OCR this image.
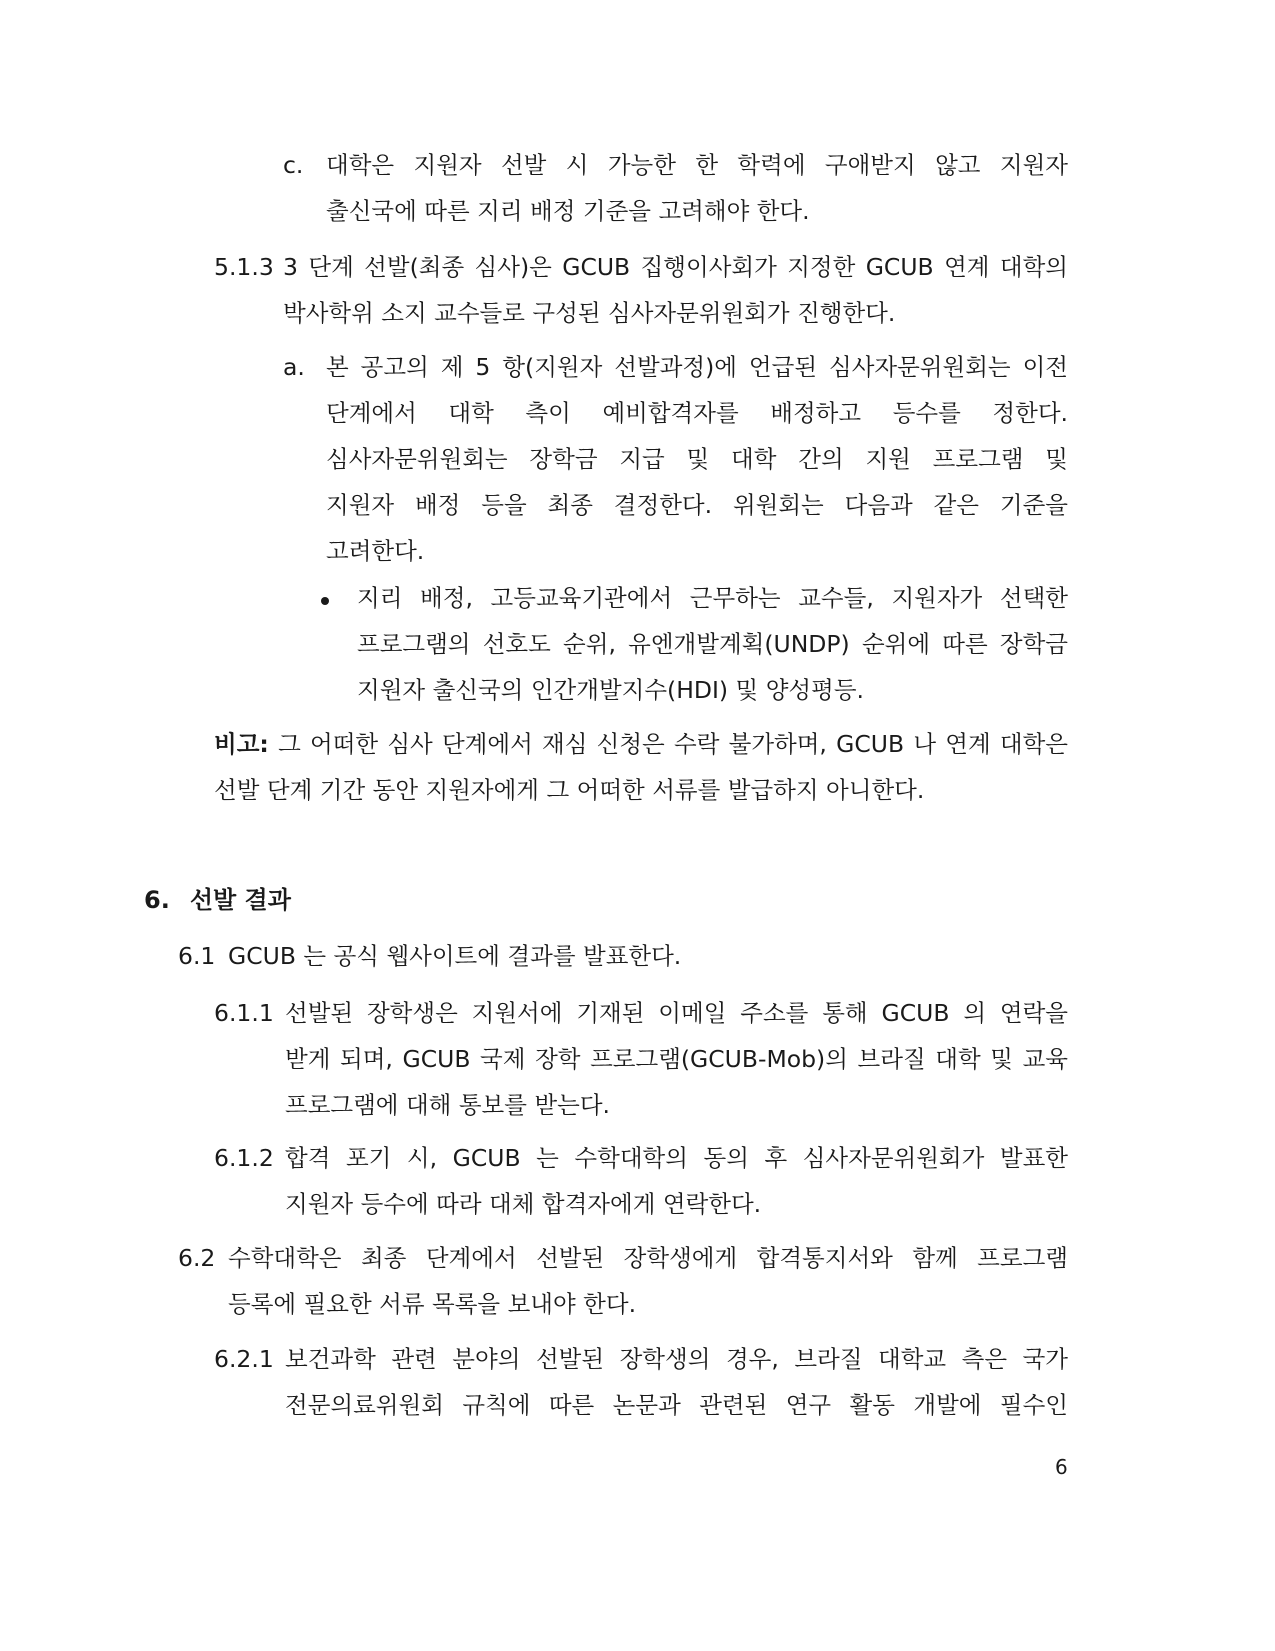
c. 대학은 지원자 선발 시 가능한 한 학력에 구애받지 않고 지원자
출신국에 따른 지리 배정 기준을 고려해야 한다.

5.1.3 3 단계 선발(최종 심사)은 GCUB 집행이사회가 지정한 GCUB 연계 대학의
박사학위 소지 교수들로 구성된 심사자문위원회가 진행한다.

a. 본 공고의 제 5 항(지원자 선발과정)에 언급된 심사자문위원회는 이전
단계에서 대학 측이 예비합격자를 배정하고 등수를 정한다.
심사자문위원회는 장학금 지급 및 대학 간의 지원 프로그램 및
지원자 배정 등을 최종 결정한다. 위원회는 다음과 같은 기준을
고려한다.
지리 배정, 고등교육기관에서 근무하는 교수들, 지원자가 선택한
프로그램의 선호도 순위, 유엔개발계획(UNDP) 순위에 따른 장학금
지원자 출신국의 인간개발지수(HDI) 및 양성평등.
비고: 그 어떠한 심사 단계에서 재심 신청은 수락 불가하며, GCUB 나 연계 대학은
선발 단계 기간 동안 지원자에게 그 어떠한 서류를 발급하지 아니한다.

6. 선발 결과

6.1 GCUB 는 공식 웹사이트에 결과를 발표한다.

6.1.1 선발된 장학생은 지원서에 기재된 이메일 주소를 통해 GCUB 의 연락을
받게 되며, GCUB 국제 장학 프로그램(GCUB-Mob)의 브라질 대학 및 교육
프로그램에 대해 통보를 받는다.

6.1.2 합격 포기 시, GCUB 는 수학대학의 동의 후 심사자문위원회가 발표한
지원자 등수에 따라 대체 합격자에게 연락한다.

6.2 수학대학은 최종 단계에서 선발된 장학생에게 합격통지서와 함께 프로그램
등록에 필요한 서류 목록을 보내야 한다.

6.2.1 보건과학 관련 분야의 선발된 장학생의 경우, 브라질 대학교 측은 국가
전문의료위원회 규칙에 따른 논문과 관련된 연구 활동 개발에 필수인
6
